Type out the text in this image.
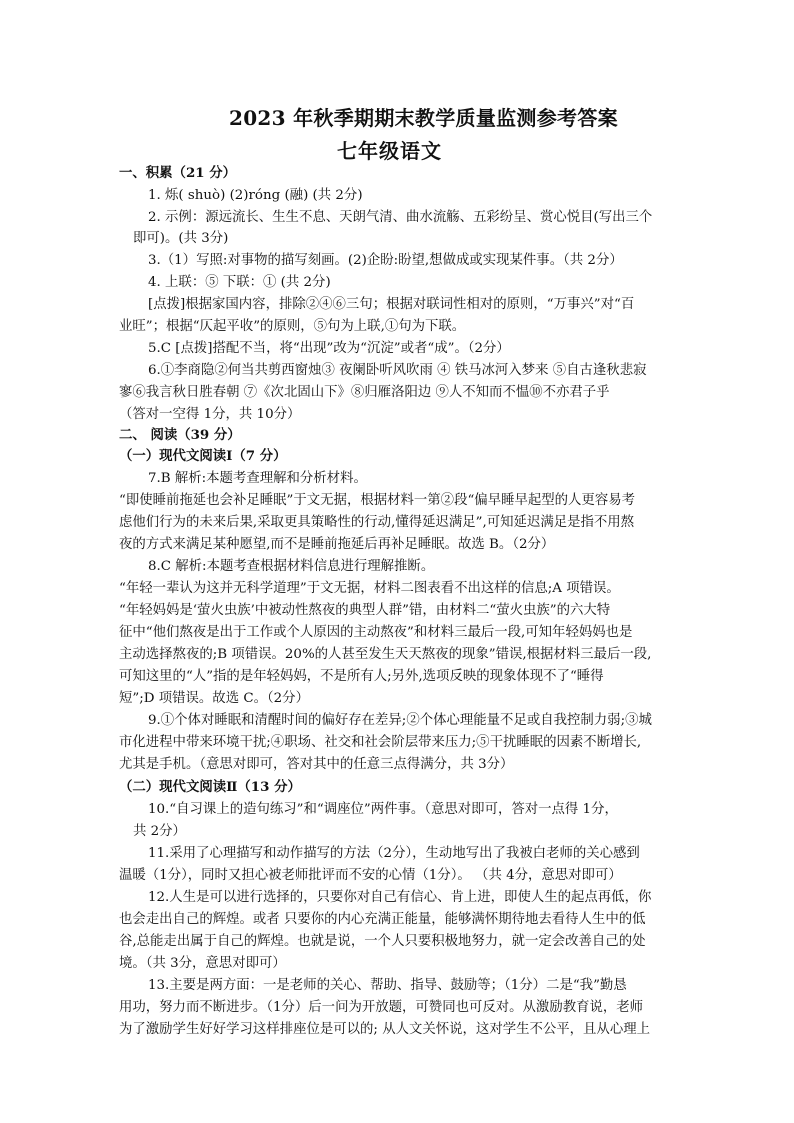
2023 年秋季期期末教学质量监测参考答案
七年级语文
一、积累（21 分）
1. 烁( shuò) (2)róng (融) (共 2分)
2. 示例：源远流长、生生不息、天朗气清、曲水流觞、五彩纷呈、赏心悦目(写出三个
即可)。(共 3分)
3.（1）写照:对事物的描写刻画。(2)企盼:盼望,想做成或实现某件事。（共 2分）
4. 上联：⑤ 下联：① (共 2分)
[点拨]根据家国内容，排除②④⑥三句；根据对联词性相对的原则，“万事兴”对“百
业旺”；根据“仄起平收”的原则，⑤句为上联,①句为下联。
5.C [点拨]搭配不当，将“出现”改为“沉淀”或者“成”。（2分）
6.①李商隐②何当共剪西窗烛③ 夜阑卧听风吹雨 ④ 铁马冰河入梦来 ⑤自古逢秋悲寂
寥⑥我言秋日胜春朝 ⑦《次北固山下》⑧归雁洛阳边 ⑨人不知而不愠⑩不亦君子乎
（答对一空得 1分，共 10分）
二、 阅读（39 分）
（一）现代文阅读Ⅰ（7 分）
7.B 解析:本题考查理解和分析材料。
“即使睡前拖延也会补足睡眠”于文无据，根据材料一第②段“偏早睡早起型的人更容易考
虑他们行为的未来后果,采取更具策略性的行动,懂得延迟满足”,可知延迟满足是指不用熬
夜的方式来满足某种愿望,而不是睡前拖延后再补足睡眠。故选 B。（2分）
8.C 解析:本题考查根据材料信息进行理解推断。
“年轻一辈认为这并无科学道理”于文无据，材料二图表看不出这样的信息;A 项错误。
“年轻妈妈是‘萤火虫族’中被动性熬夜的典型人群”错，由材料二“萤火虫族”的六大特
征中“他们熬夜是出于工作或个人原因的主动熬夜”和材料三最后一段,可知年轻妈妈也是
主动选择熬夜的;B 项错误。20%的人甚至发生天天熬夜的现象”错误,根据材料三最后一段,
可知这里的“人”指的是年轻妈妈，不是所有人;另外,选项反映的现象体现不了“睡得
短”;D 项错误。故选 C。（2分）
9.①个体对睡眠和清醒时间的偏好存在差异;②个体心理能量不足或自我控制力弱;③城
市化进程中带来环境干扰;④职场、社交和社会阶层带来压力;⑤干扰睡眠的因素不断增长,
尤其是手机。（意思对即可，答对其中的任意三点得满分，共 3分）
（二）现代文阅读Ⅱ（13 分）
10.“自习课上的造句练习”和“调座位”两件事。（意思对即可，答对一点得 1分，
共 2分）
11.采用了心理描写和动作描写的方法（2分），生动地写出了我被白老师的关心感到
温暖（1分），同时又担心被老师批评而不安的心情（1分）。 （共 4分，意思对即可）
12.人生是可以进行选择的，只要你对自己有信心、肯上进，即使人生的起点再低，你
也会走出自己的辉煌。或者 只要你的内心充满正能量，能够满怀期待地去看待人生中的低
谷,总能走出属于自己的辉煌。也就是说，一个人只要积极地努力，就一定会改善自己的处
境。（共 3分，意思对即可）
13.主要是两方面：一是老师的关心、帮助、指导、鼓励等；（1分）二是“我”勤恳
用功，努力而不断进步。（1分）后一问为开放题，可赞同也可反对。从激励教育说，老师
为了激励学生好好学习这样排座位是可以的; 从人文关怀说，这对学生不公平，且从心理上
